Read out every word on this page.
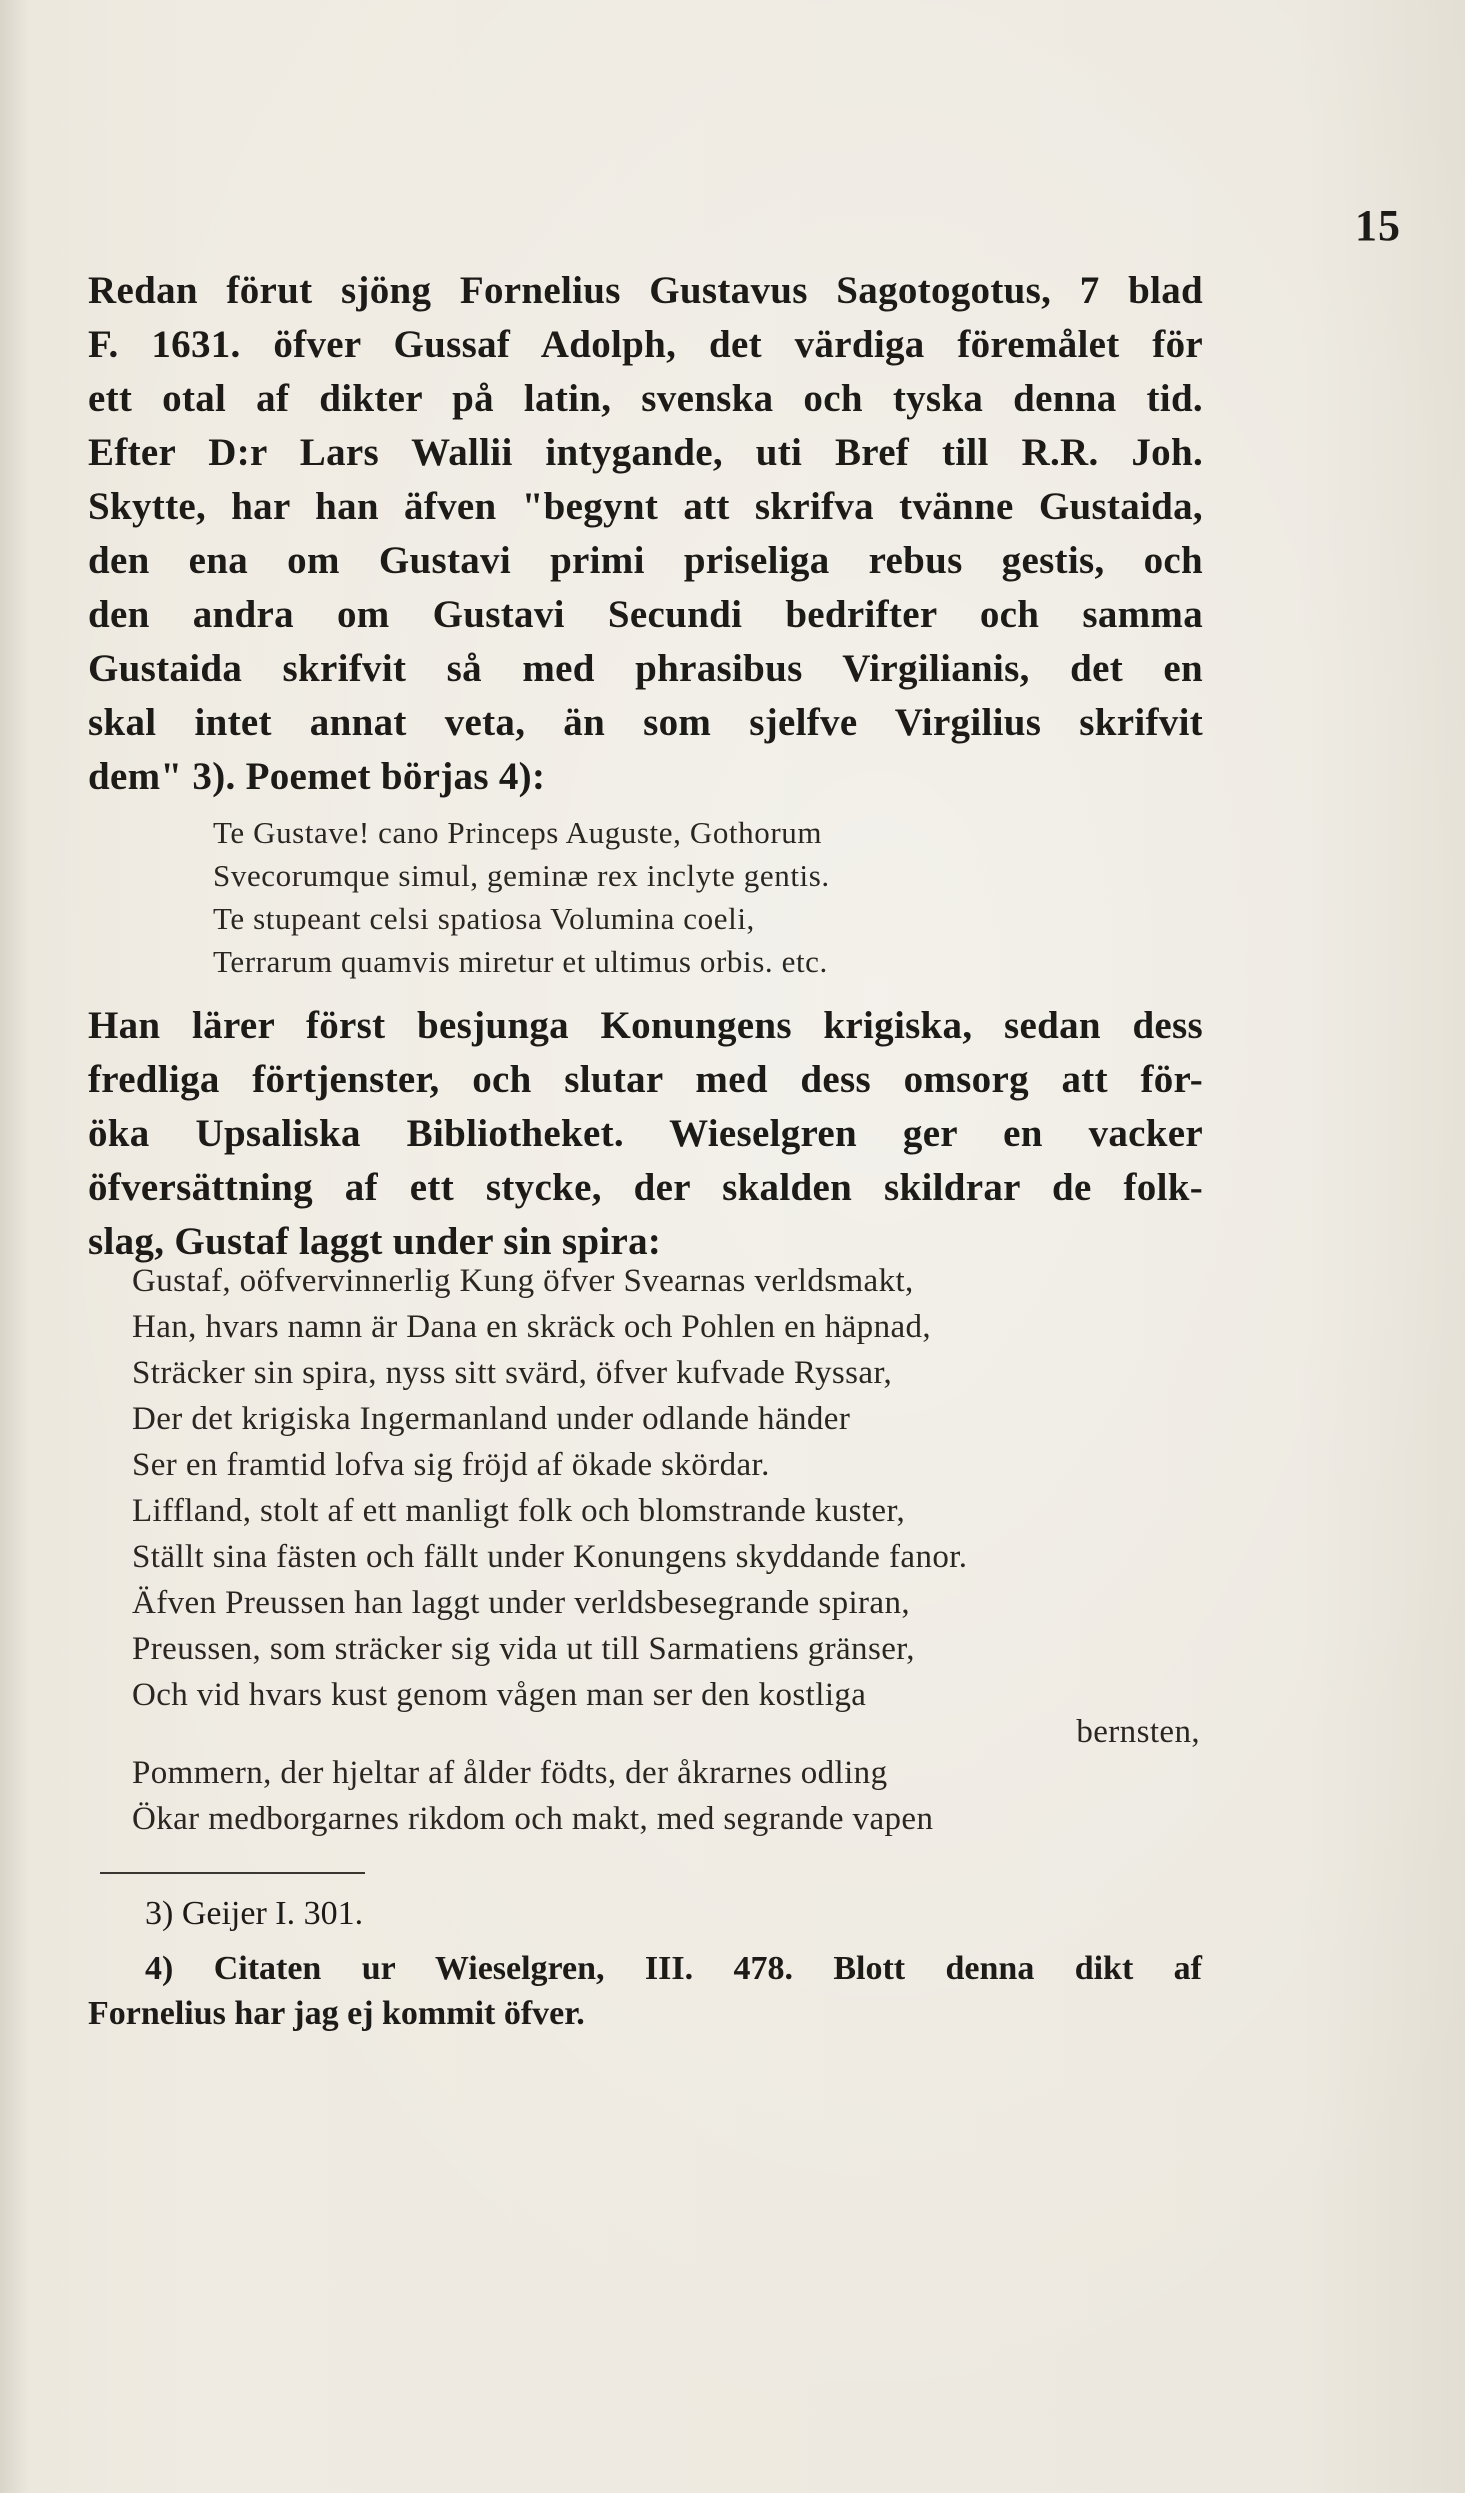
15
Redan förut sjöng Fornelius Gustavus Sagotogotus, 7 blad
F. 1631. öfver Gussaf Adolph, det värdiga föremålet för
ett otal af dikter på latin, svenska och tyska denna tid.
Efter D:r Lars Wallii intygande, uti Bref till R.R. Joh.
Skytte, har han äfven "begynt att skrifva tvänne Gustaida,
den ena om Gustavi primi priseliga rebus gestis, och
den andra om Gustavi Secundi bedrifter och samma
Gustaida skrifvit så med phrasibus Virgilianis, det en
skal intet annat veta, än som sjelfve Virgilius skrifvit
dem" 3). Poemet börjas 4):
Te Gustave! cano Princeps Auguste, Gothorum
Svecorumque simul, geminæ rex inclyte gentis.
Te stupeant celsi spatiosa Volumina coeli,
Terrarum quamvis miretur et ultimus orbis. etc.
Han lärer först besjunga Konungens krigiska, sedan dess
fredliga förtjenster, och slutar med dess omsorg att för-
öka Upsaliska Bibliotheket. Wieselgren ger en vacker
öfversättning af ett stycke, der skalden skildrar de folk-
slag, Gustaf laggt under sin spira:
Gustaf, oöfvervinnerlig Kung öfver Svearnas verldsmakt,
Han, hvars namn är Dana en skräck och Pohlen en häpnad,
Sträcker sin spira, nyss sitt svärd, öfver kufvade Ryssar,
Der det krigiska Ingermanland under odlande händer
Ser en framtid lofva sig fröjd af ökade skördar.
Liffland, stolt af ett manligt folk och blomstrande kuster,
Ställt sina fästen och fällt under Konungens skyddande fanor.
Äfven Preussen han laggt under verldsbesegrande spiran,
Preussen, som sträcker sig vida ut till Sarmatiens gränser,
Och vid hvars kust genom vågen man ser den kostliga
bernsten,
Pommern, der hjeltar af ålder födts, der åkrarnes odling
Ökar medborgarnes rikdom och makt, med segrande vapen
3) Geijer I. 301.
4) Citaten ur Wieselgren, III. 478. Blott denna dikt af
Fornelius har jag ej kommit öfver.
